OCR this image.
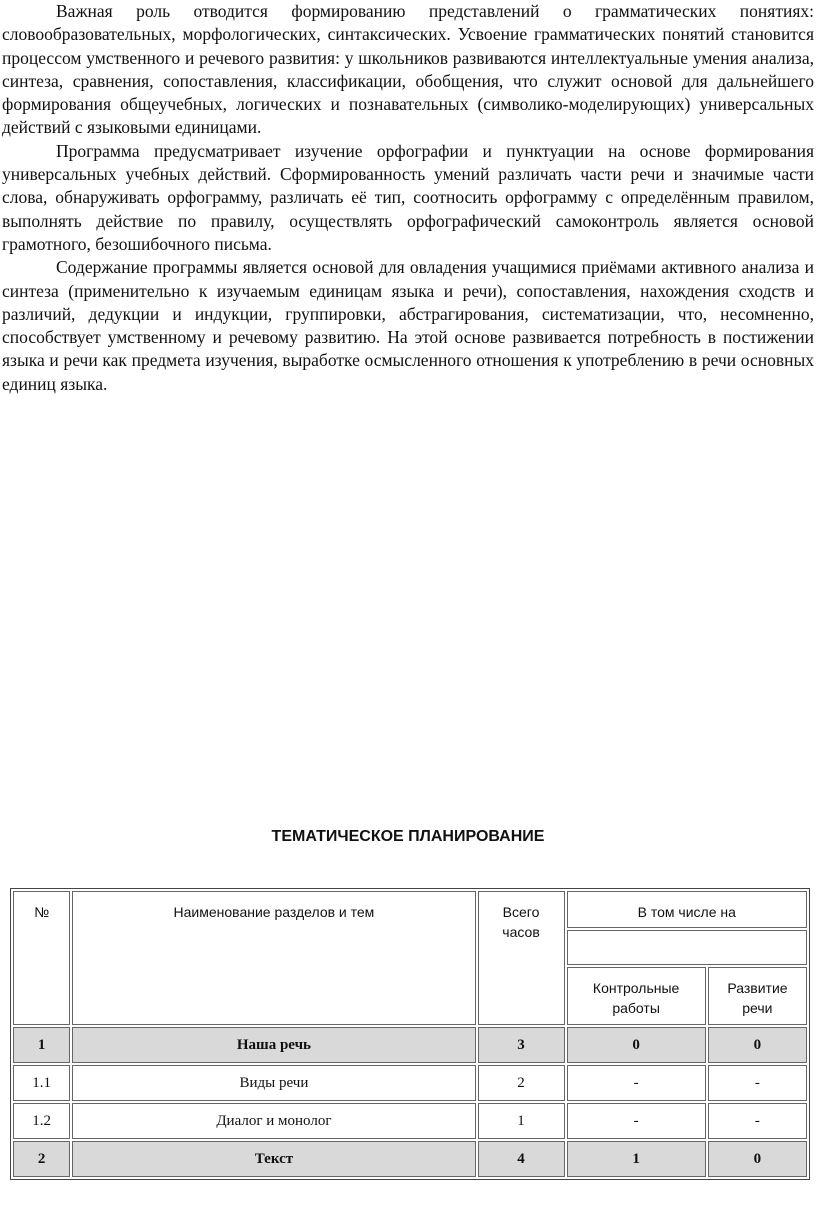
Важная роль отводится формированию представлений о грамматических понятиях: словообразовательных, морфологических, синтаксических. Усвоение грамматических понятий становится процессом умственного и речевого развития: у школьников развиваются интеллектуальные умения анализа, синтеза, сравнения, сопоставления, классификации, обобщения, что служит основой для дальнейшего формирования общеучебных, логических и познавательных (символико-моделирующих) универсальных действий с языковыми единицами.

Программа предусматривает изучение орфографии и пунктуации на основе формирования универсальных учебных действий. Сформированность умений различать части речи и значимые части слова, обнаруживать орфограмму, различать её тип, соотносить орфограмму с определённым правилом, выполнять действие по правилу, осуществлять орфографический самоконтроль является основой грамотного, безошибочного письма.

Содержание программы является основой для овладения учащимися приёмами активного анализа и синтеза (применительно к изучаемым единицам языка и речи), сопоставления, нахождения сходств и различий, дедукции и индукции, группировки, абстрагирования, систематизации, что, несомненно, способствует умственному и речевому развитию. На этой основе развивается потребность в постижении языка и речи как предмета изучения, выработке осмысленного отношения к употреблению в речи основных единиц языка.

ТЕМАТИЧЕСКОЕ ПЛАНИРОВАНИЕ
№	Наименование разделов и тем	Всего часов	В том числе на	

			Контрольные работы	Развитие речи

1	Наша речь	3	0	0
1.1	Виды речи	2	-	-
1.2	Диалог и монолог	1	-	-
2	Текст	4	1	0
